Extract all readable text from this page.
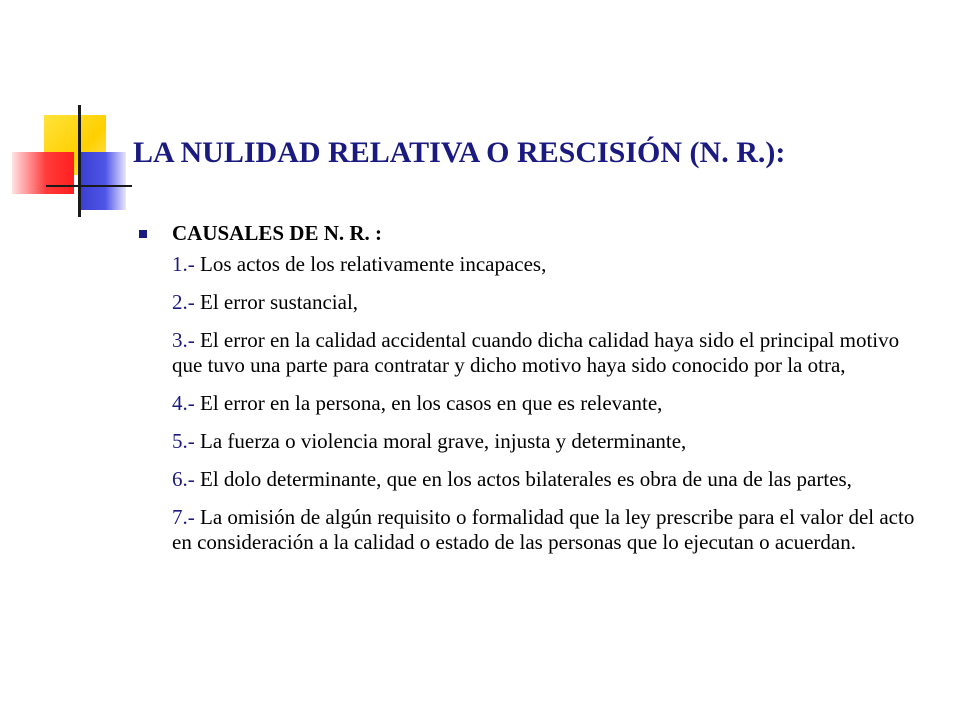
LA NULIDAD RELATIVA O RESCISIÓN (N. R.):
CAUSALES DE N. R. :
1.- Los actos de los relativamente incapaces,
2.- El error sustancial,
3.- El error en la calidad accidental cuando dicha calidad haya sido el principal motivo que tuvo una parte para contratar y dicho motivo haya sido conocido por la otra,
4.- El error en la persona, en los casos en que es relevante,
5.- La fuerza o violencia moral grave, injusta y determinante,
6.- El dolo determinante, que en los actos bilaterales es obra de una de las partes,
7.- La omisión de algún requisito o formalidad que la ley prescribe para el valor del acto en consideración a la calidad o estado de las personas que lo ejecutan o acuerdan.
